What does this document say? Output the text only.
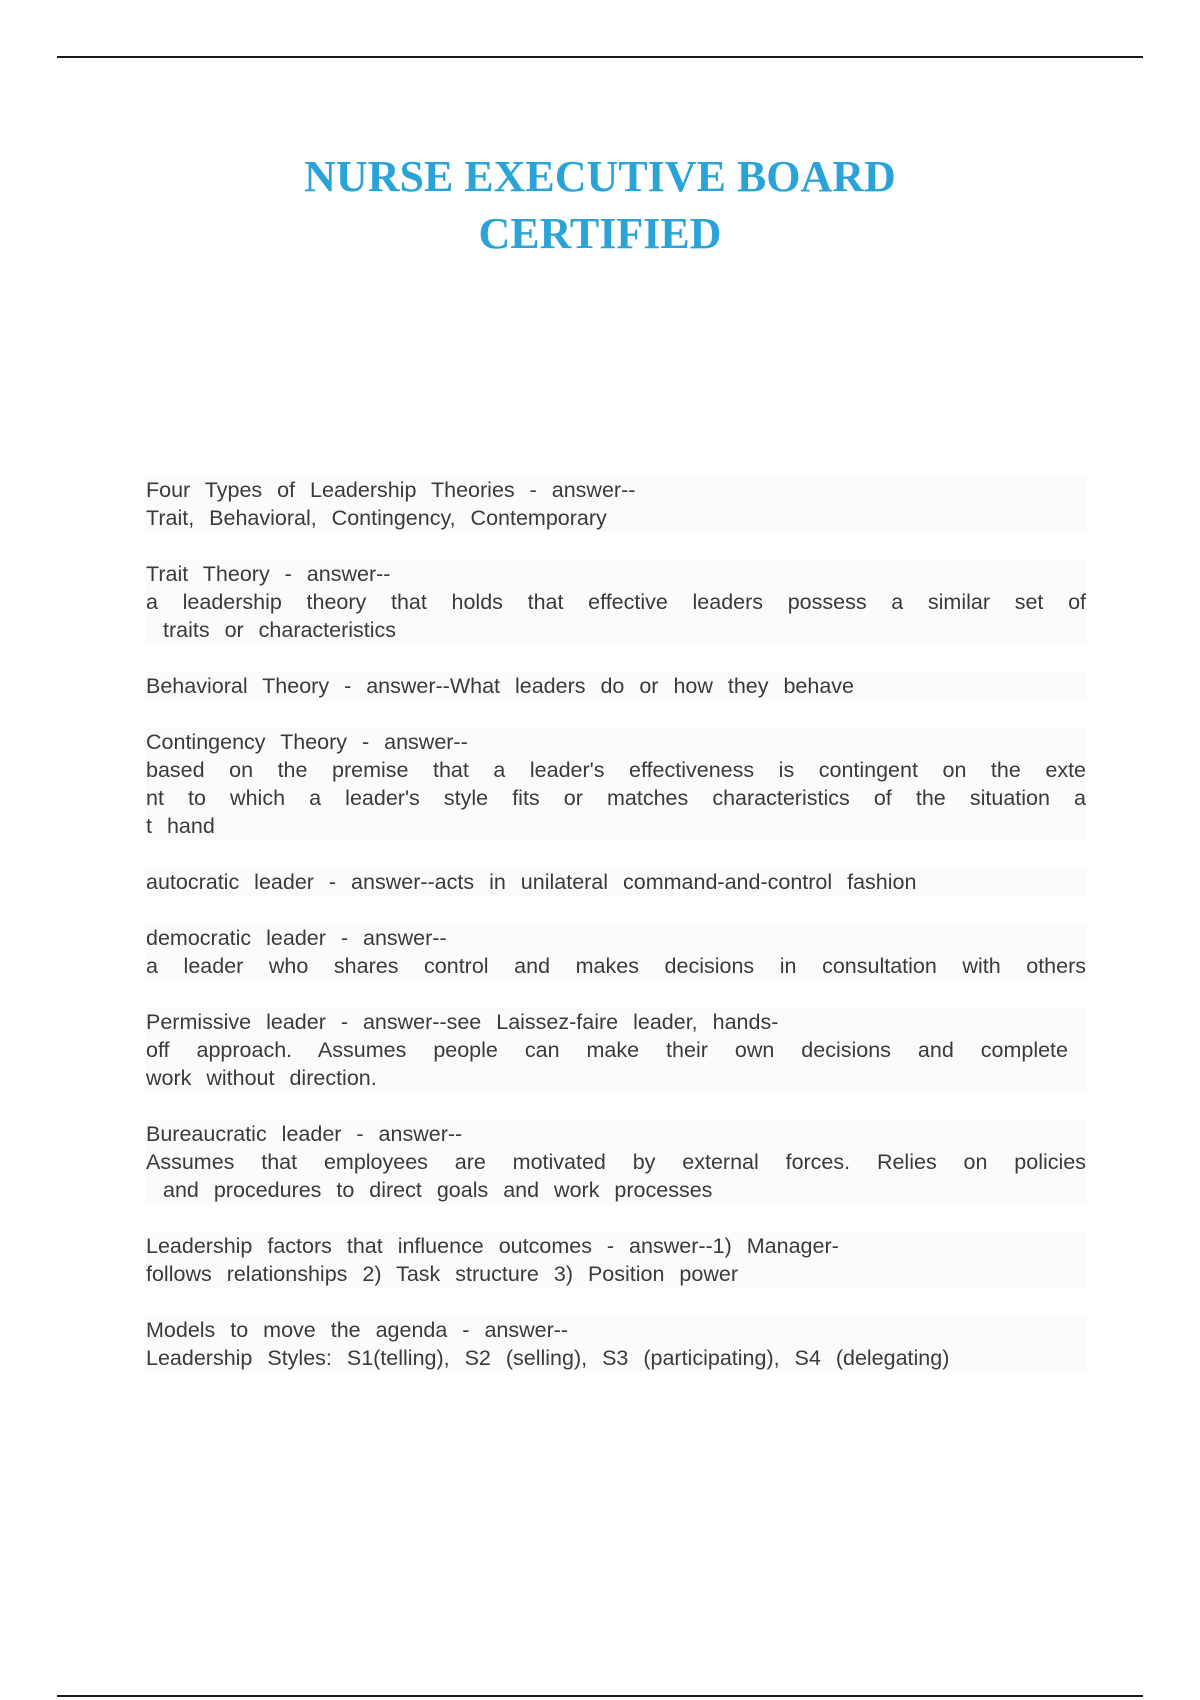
NURSE EXECUTIVE BOARD
CERTIFIED
Four Types of Leadership Theories - answer--
Trait, Behavioral, Contingency, Contemporary
Trait Theory - answer--
a leadership theory that holds that effective leaders possess a similar set of
traits or characteristics
Behavioral Theory - answer--What leaders do or how they behave
Contingency Theory - answer--
based on the premise that a leader's effectiveness is contingent on the exte
nt to which a leader's style fits or matches characteristics of the situation a
t hand
autocratic leader - answer--acts in unilateral command-and-control fashion
democratic leader - answer--
a leader who shares control and makes decisions in consultation with others
Permissive leader - answer--see Laissez-faire leader, hands-
off approach. Assumes people can make their own decisions and complete
work without direction.
Bureaucratic leader - answer--
Assumes that employees are motivated by external forces. Relies on policies
and procedures to direct goals and work processes
Leadership factors that influence outcomes - answer--1) Manager-
follows relationships 2) Task structure 3) Position power
Models to move the agenda - answer--
Leadership Styles: S1(telling), S2 (selling), S3 (participating), S4 (delegating)
